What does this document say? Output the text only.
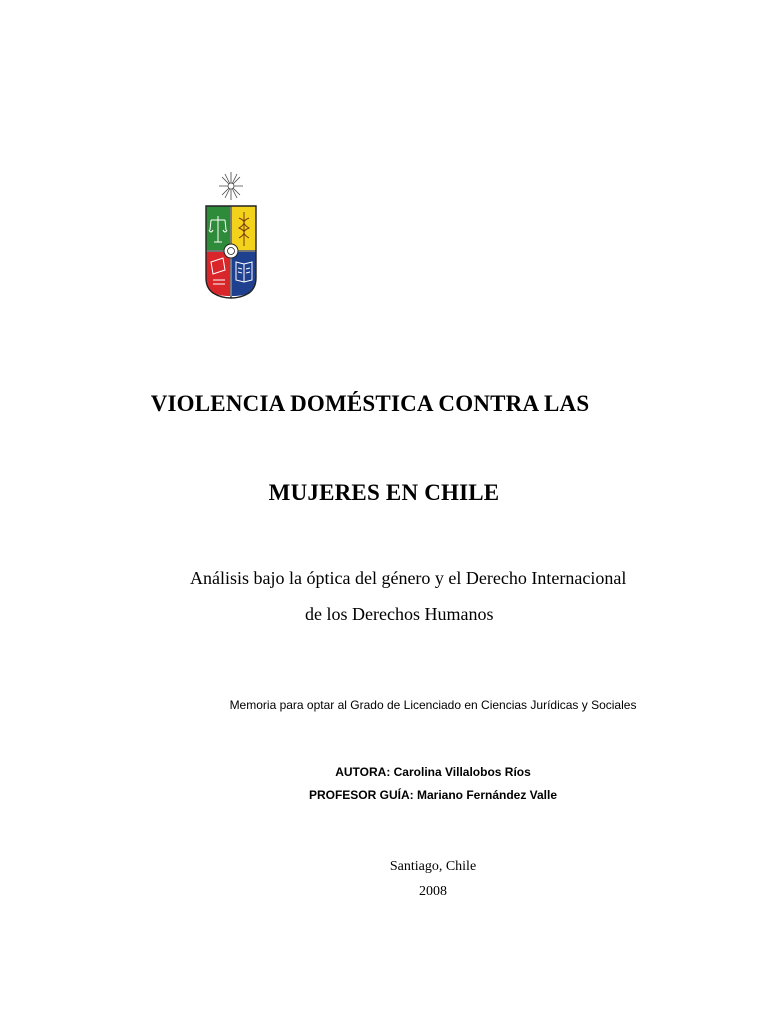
VIOLENCIA DOMÉSTICA CONTRA LAS
MUJERES EN CHILE
Análisis bajo la óptica del género y el Derecho Internacional
de los Derechos Humanos
Memoria para optar al Grado de Licenciado en Ciencias Jurídicas y Sociales
AUTORA: Carolina Villalobos Ríos
PROFESOR GUÍA: Mariano Fernández Valle
Santiago, Chile
2008
